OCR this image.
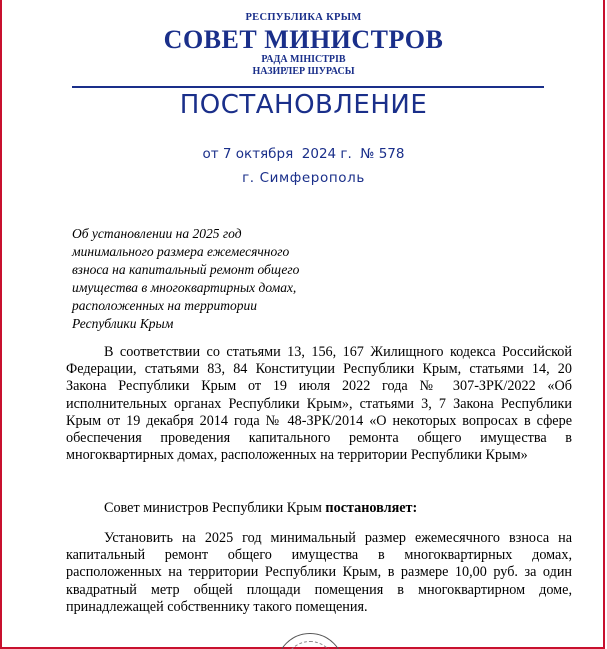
РЕСПУБЛИКА КРЫМ
СОВЕТ МИНИСТРОВ
РАДА МІНІСТРІВ
НАЗИРЛЕР ШУРАСЫ
ПОСТАНОВЛЕНИЕ
от 7 октября  2024 г.  № 578
г. Симферополь
Об установлении на 2025 год
минимального размера ежемесячного
взноса на капитальный ремонт общего
имущества в многоквартирных домах,
расположенных на территории
Республики Крым
В соответствии со статьями 13, 156, 167 Жилищного кодекса Российской Федерации, статьями 83, 84 Конституции Республики Крым, статьями 14, 20 Закона Республики Крым от 19 июля 2022 года № 307-ЗРК/2022 «Об исполнительных органах Республики Крым», статьями 3, 7 Закона Республики Крым от 19 декабря 2014 года № 48-ЗРК/2014 «О некоторых вопросах в сфере обеспечения проведения капитального ремонта общего имущества в многоквартирных домах, расположенных на территории Республики Крым»
Совет министров Республики Крым постановляет:
Установить на 2025 год минимальный размер ежемесячного взноса на капитальный ремонт общего имущества в многоквартирных домах, расположенных на территории Республики Крым, в размере 10,00 руб. за один квадратный метр общей площади помещения в многоквартирном доме, принадлежащей собственнику такого помещения.
